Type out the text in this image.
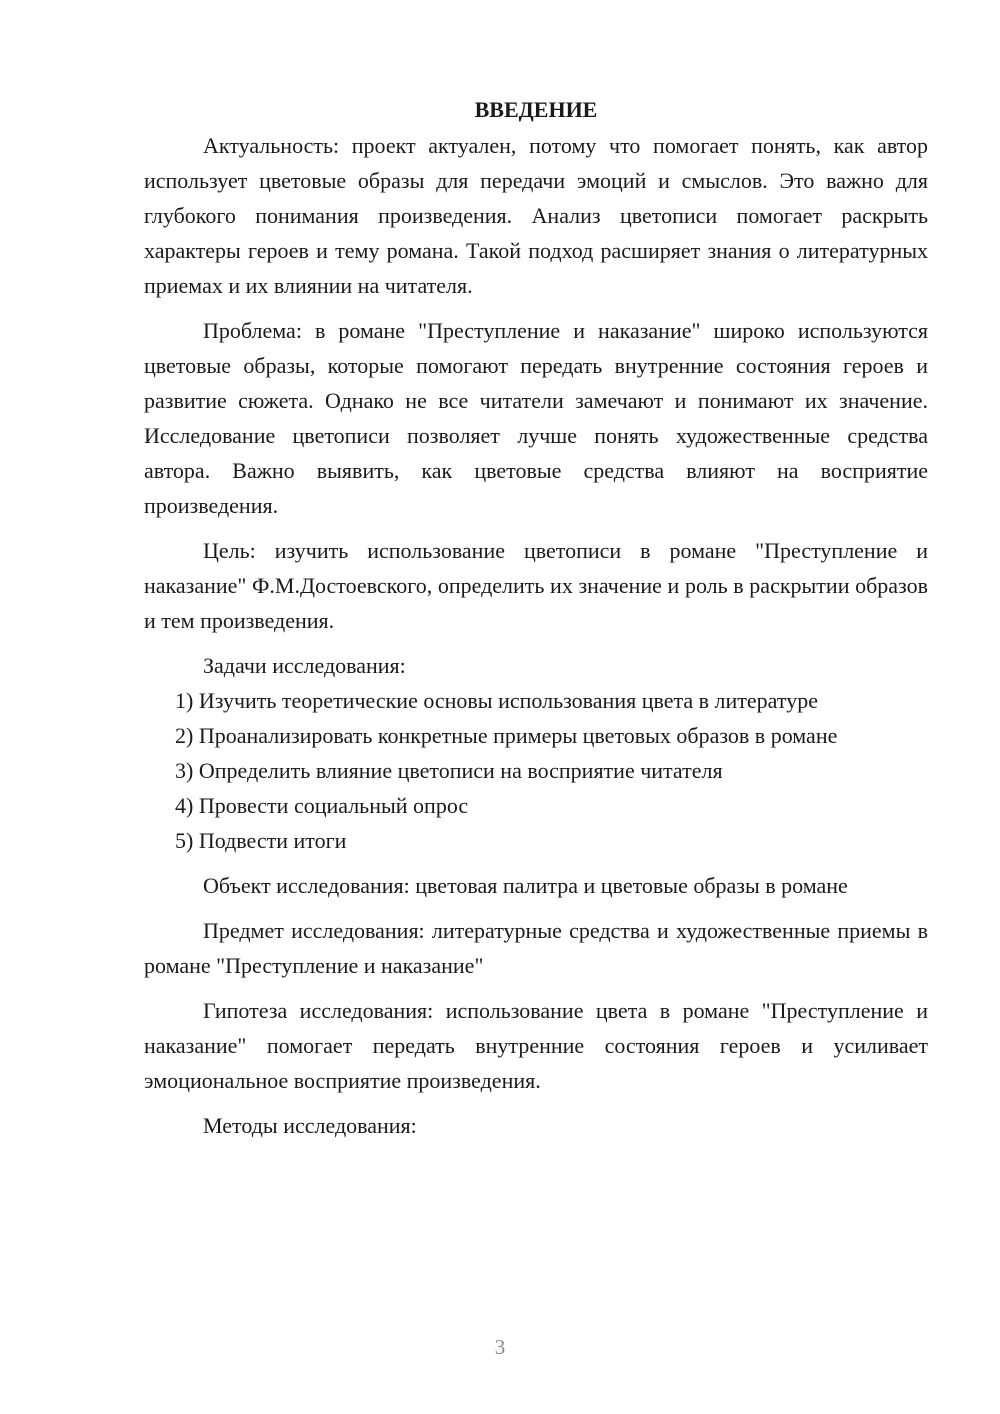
ВВЕДЕНИЕ

Актуальность: проект актуален, потому что помогает понять, как автор использует цветовые образы для передачи эмоций и смыслов. Это важно для глубокого понимания произведения. Анализ цветописи помогает раскрыть характеры героев и тему романа. Такой подход расширяет знания о литературных приемах и их влиянии на читателя.

Проблема: в романе "Преступление и наказание" широко используются цветовые образы, которые помогают передать внутренние состояния героев и развитие сюжета. Однако не все читатели замечают и понимают их значение. Исследование цветописи позволяет лучше понять художественные средства автора. Важно выявить, как цветовые средства влияют на восприятие произведения.

Цель: изучить использование цветописи в романе "Преступление и наказание" Ф.М.Достоевского, определить их значение и роль в раскрытии образов и тем произведения.

Задачи исследования:

1) Изучить теоретические основы использования цвета в литературе

2) Проанализировать конкретные примеры цветовых образов в романе

3) Определить влияние цветописи на восприятие читателя

4) Провести социальный опрос

5) Подвести итоги

Объект исследования: цветовая палитра и цветовые образы в романе

Предмет исследования: литературные средства и художественные приемы в романе "Преступление и наказание"

Гипотеза исследования: использование цвета в романе "Преступление и наказание" помогает передать внутренние состояния героев и усиливает эмоциональное восприятие произведения.

Методы исследования:

3
